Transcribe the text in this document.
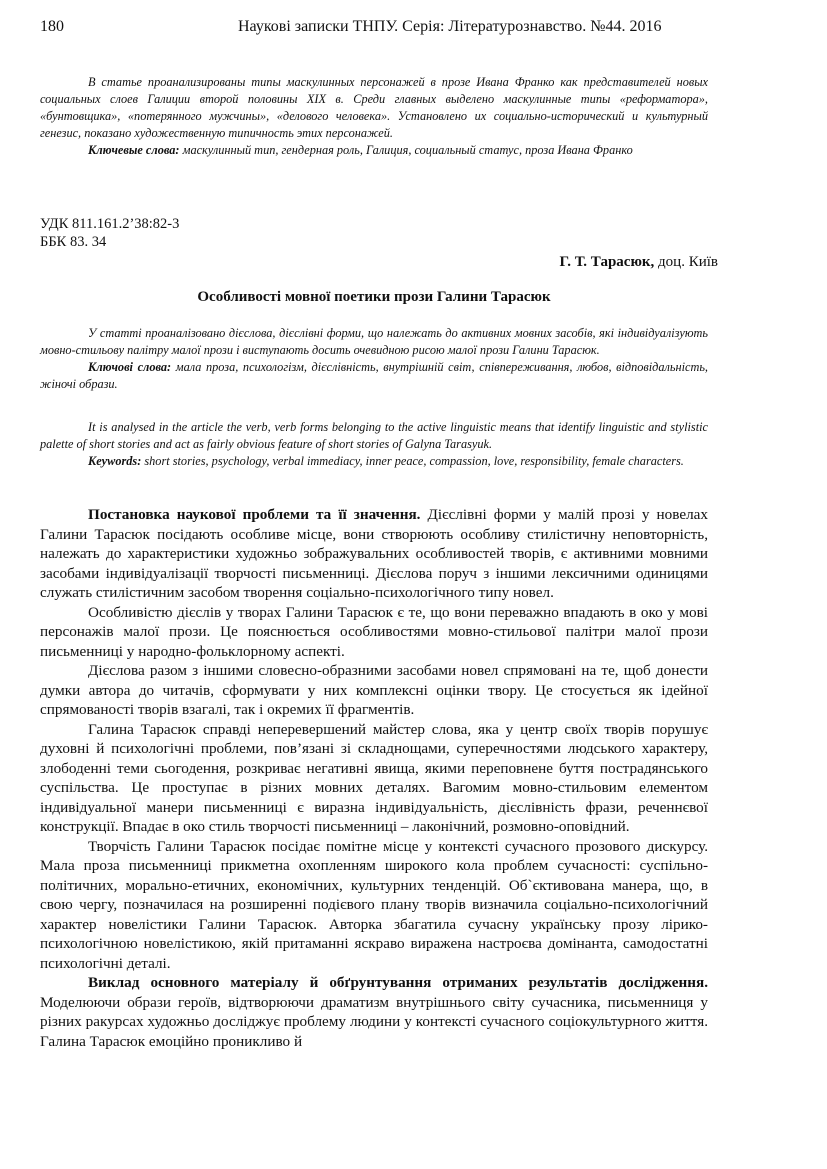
180	Наукові записки ТНПУ. Серія: Літературознавство. №44. 2016

В статье проанализированы типы маскулинных персонажей в прозе Ивана Франко как представителей новых социальных слоев Галиции второй половины XIX в. Среди главных выделено маскулинные типы «реформатора», «бунтовщика», «потерянного мужчины», «делового человека». Установлено их социально-исторический и культурный генезис, показано художественную типичность этих персонажей.

Ключевые слова: маскулинный тип, гендерная роль, Галиция, социальный статус, проза Ивана Франко

УДК 811.161.2’38:82-3
ББК 83. 34
Г. Т. Тарасюк, доц. Київ
Особливості мовної поетики прози Галини Тарасюк

У статті проаналізовано дієслова, дієслівні форми, що належать до активних мовних засобів, які індивідуалізують мовно-стильову палітру малої прози і виступають досить очевидною рисою малої прози Галини Тарасюк.

Ключові слова: мала проза, психологізм, дієслівність, внутрішній світ, співпереживання, любов, відповідальність, жіночі образи.

It is analysed in the article the verb, verb forms belonging to the active linguistic means that identify linguistic and stylistic palette of short stories and act as fairly obvious feature of short stories of Galyna Tarasyuk.

Keywords: short stories, psychology, verbal immediacy, inner peace, compassion, love, responsibility, female characters.

Постановка наукової проблеми та її значення. Дієслівні форми у малій прозі у новелах Галини Тарасюк посідають особливе місце, вони створюють особливу стилістичну неповторність, належать до характеристики художньо зображувальних особливостей творів, є активними мовними засобами індивідуалізації творчості письменниці. Дієслова поруч з іншими лексичними одиницями служать стилістичним засобом творення соціально-психологічного типу новел.

Особливістю дієслів у творах Галини Тарасюк є те, що вони переважно впадають в око у мові персонажів малої прози. Це пояснюється особливостями мовно-стильової палітри малої прози письменниці у народно-фольклорному аспекті.

Дієслова разом з іншими словесно-образними засобами новел спрямовані на те, щоб донести думки автора до читачів, сформувати у них комплексні оцінки твору. Це стосується як ідейної спрямованості творів взагалі, так і окремих її фрагментів.

Галина Тарасюк справді неперевершений майстер слова, яка у центр своїх творів порушує духовні й психологічні проблеми, пов’язані зі складнощами, суперечностями людського характеру, злободенні теми сьогодення, розкриває негативні явища, якими переповнене буття пострадянського суспільства. Це проступає в різних мовних деталях. Вагомим мовно-стильовим елементом індивідуальної манери письменниці є виразна індивідуальність, дієслівність фрази, реченнєвої конструкції. Впадає в око стиль творчості письменниці – лаконічний, розмовно-оповідний.

Творчість Галини Тарасюк посідає помітне місце у контексті сучасного прозового дискурсу. Мала проза письменниці прикметна охопленням широкого кола проблем сучасності: суспільно-політичних, морально-етичних, економічних, культурних тенденцій. Об`єктивована манера, що, в свою чергу, позначилася на розширенні подієвого плану творів визначила соціально-психологічний характер новелістики Галини Тарасюк. Авторка збагатила сучасну українську прозу лірико-психологічною новелістикою, якій притаманні яскраво виражена настроєва домінанта, самодостатні психологічні деталі.

Виклад основного матеріалу й обґрунтування отриманих результатів дослідження. Моделюючи образи героїв, відтворюючи драматизм внутрішнього світу сучасника, письменниця у різних ракурсах художньо досліджує проблему людини у контексті сучасного соціокультурного життя. Галина Тарасюк емоційно проникливо й
